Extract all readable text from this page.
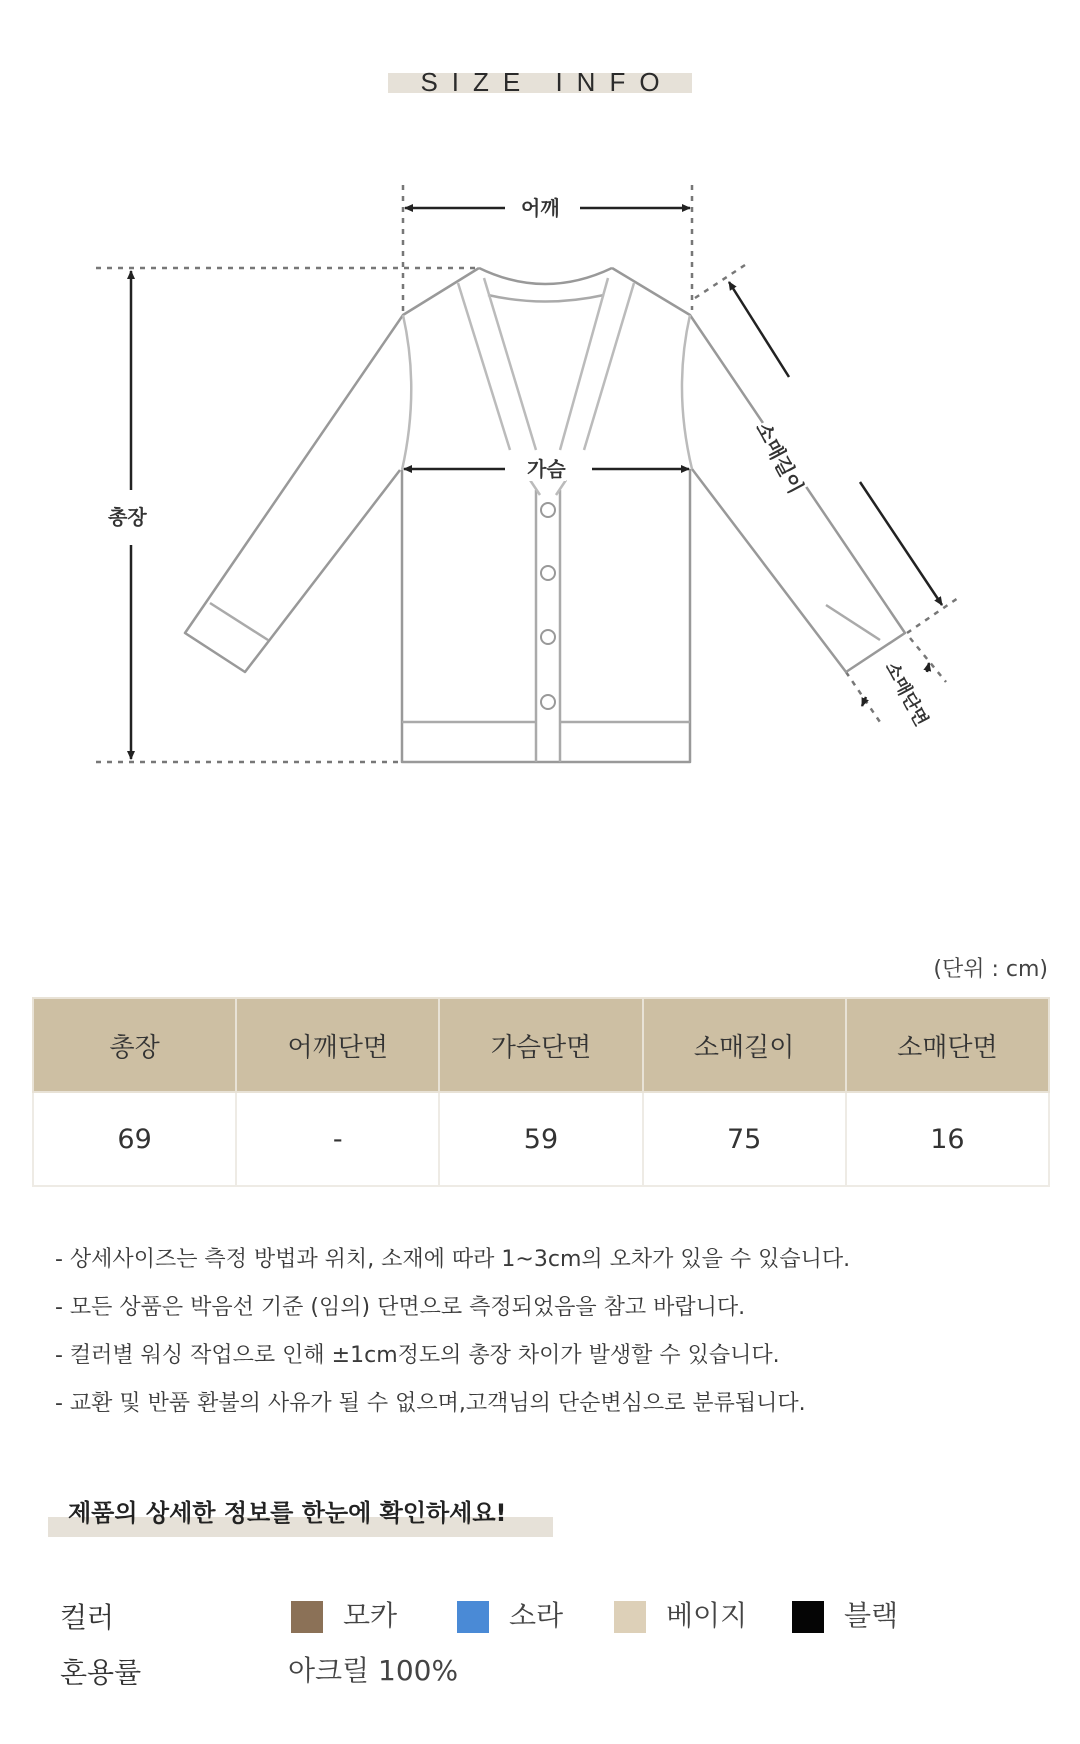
SIZE INFO
어깨
가슴
총장
소매길이
소매단면
(단위 : cm)
총장	어깨단면	가슴단면	소매길이	소매단면
69	-	59	75	16
- 상세사이즈는 측정 방법과 위치, 소재에 따라 1~3cm의 오차가 있을 수 있습니다.
- 모든 상품은 박음선 기준 (임의) 단면으로 측정되었음을 참고 바랍니다.
- 컬러별 워싱 작업으로 인해 ±1cm정도의 총장 차이가 발생할 수 있습니다.
- 교환 및 반품 환불의 사유가 될 수 없으며,고객님의 단순변심으로 분류됩니다.
제품의 상세한 정보를 한눈에 확인하세요!
컬러	모카	소라	베이지	블랙
혼용률	아크릴 100%
